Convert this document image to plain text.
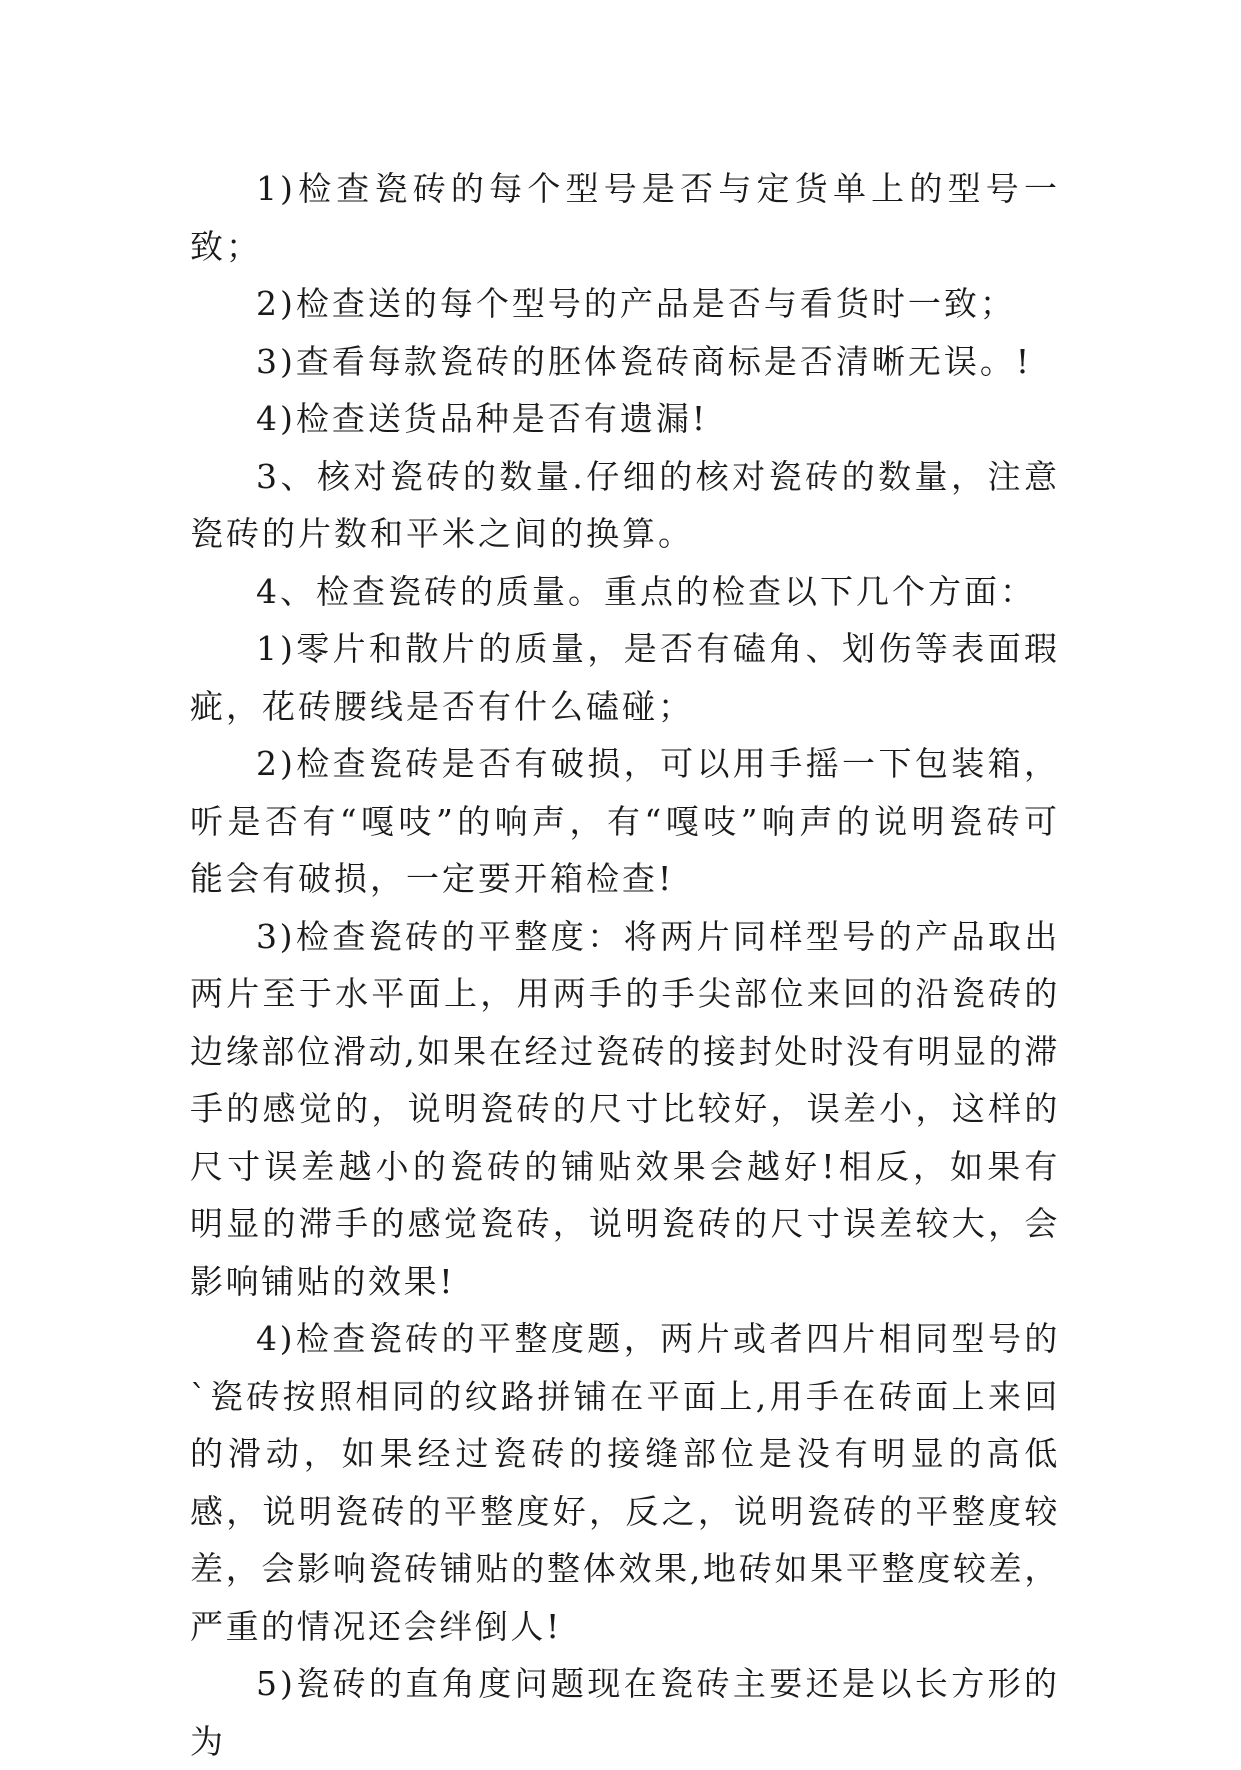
1)检查瓷砖的每个型号是否与定货单上的型号一致；

2)检查送的每个型号的产品是否与看货时一致；

3)查看每款瓷砖的胚体瓷砖商标是否清晰无误。!

4)检查送货品种是否有遗漏!

3、核对瓷砖的数量.仔细的核对瓷砖的数量，注意瓷砖的片数和平米之间的换算。

4、检查瓷砖的质量。重点的检查以下几个方面：

1)零片和散片的质量，是否有磕角、划伤等表面瑕疵，花砖腰线是否有什么磕碰；

2)检查瓷砖是否有破损，可以用手摇一下包装箱，听是否有“嘎吱”的响声，有“嘎吱”响声的说明瓷砖可能会有破损，一定要开箱检查!

3)检查瓷砖的平整度：将两片同样型号的产品取出两片至于水平面上，用两手的手尖部位来回的沿瓷砖的边缘部位滑动,如果在经过瓷砖的接封处时没有明显的滞手的感觉的，说明瓷砖的尺寸比较好，误差小，这样的尺寸误差越小的瓷砖的铺贴效果会越好!相反，如果有明显的滞手的感觉瓷砖，说明瓷砖的尺寸误差较大，会影响铺贴的效果!

4)检查瓷砖的平整度题，两片或者四片相同型号的`瓷砖按照相同的纹路拼铺在平面上,用手在砖面上来回的滑动，如果经过瓷砖的接缝部位是没有明显的高低感，说明瓷砖的平整度好，反之，说明瓷砖的平整度较差，会影响瓷砖铺贴的整体效果,地砖如果平整度较差，严重的情况还会绊倒人!

5)瓷砖的直角度问题现在瓷砖主要还是以长方形的为
